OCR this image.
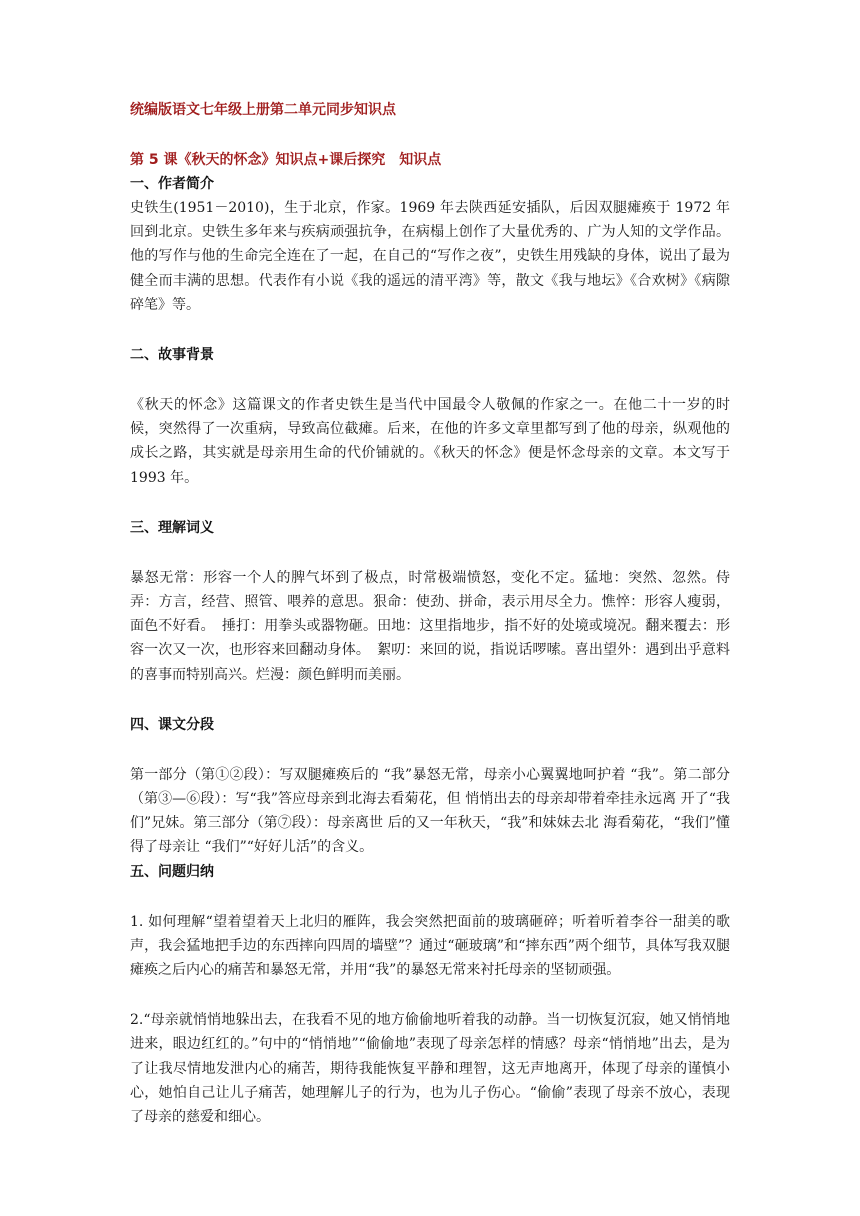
统编版语文七年级上册第二单元同步知识点

第 5 课《秋天的怀念》知识点+课后探究　知识点

一、作者简介

史铁生(1951－2010)，生于北京，作家。1969 年去陕西延安插队，后因双腿瘫痪于 1972 年回到北京。史铁生多年来与疾病顽强抗争，在病榻上创作了大量优秀的、广为人知的文学作品。他的写作与他的生命完全连在了一起，在自己的“写作之夜”，史铁生用残缺的身体，说出了最为健全而丰满的思想。代表作有小说《我的遥远的清平湾》等，散文《我与地坛》《合欢树》《病隙碎笔》等。

二、故事背景

《秋天的怀念》这篇课文的作者史铁生是当代中国最令人敬佩的作家之一。在他二十一岁的时候，突然得了一次重病，导致高位截瘫。后来，在他的许多文章里都写到了他的母亲，纵观他的成长之路，其实就是母亲用生命的代价铺就的。《秋天的怀念》便是怀念母亲的文章。本文写于 1993 年。

三、理解词义

暴怒无常：形容一个人的脾气坏到了极点，时常极端愤怒，变化不定。猛地：突然、忽然。侍弄：方言，经营、照管、喂养的意思。狠命：使劲、拼命，表示用尽全力。憔悴：形容人瘦弱，面色不好看。　捶打：用拳头或器物砸。田地：这里指地步，指不好的处境或境况。翻来覆去：形容一次又一次，也形容来回翻动身体。　絮叨：来回的说，指说话啰嗦。喜出望外：遇到出乎意料的喜事而特别高兴。烂漫：颜色鲜明而美丽。

四、课文分段

第一部分（第①②段）：写双腿瘫痪后的 “我”暴怒无常，母亲小心翼翼地呵护着 “我”。第二部分（第③—⑥段）：写“我”答应母亲到北海去看菊花，但 悄悄出去的母亲却带着牵挂永远离 开了“我们”兄妹。第三部分（第⑦段）：母亲离世 后的又一年秋天，“我”和妹妹去北 海看菊花，“我们”懂得了母亲让 “我们”“好好儿活”的含义。

五、问题归纳

1. 如何理解“望着望着天上北归的雁阵，我会突然把面前的玻璃砸碎；听着听着李谷一甜美的歌声，我会猛地把手边的东西摔向四周的墙壁”？通过“砸玻璃”和“摔东西”两个细节，具体写我双腿瘫痪之后内心的痛苦和暴怒无常，并用“我”的暴怒无常来衬托母亲的坚韧顽强。

2.“母亲就悄悄地躲出去，在我看不见的地方偷偷地听着我的动静。当一切恢复沉寂，她又悄悄地进来，眼边红红的。”句中的“悄悄地”“偷偷地”表现了母亲怎样的情感？母亲“悄悄地”出去，是为了让我尽情地发泄内心的痛苦，期待我能恢复平静和理智，这无声地离开，体现了母亲的谨慎小心，她怕自己让儿子痛苦，她理解儿子的行为，也为儿子伤心。“偷偷”表现了母亲不放心，表现了母亲的慈爱和细心。
